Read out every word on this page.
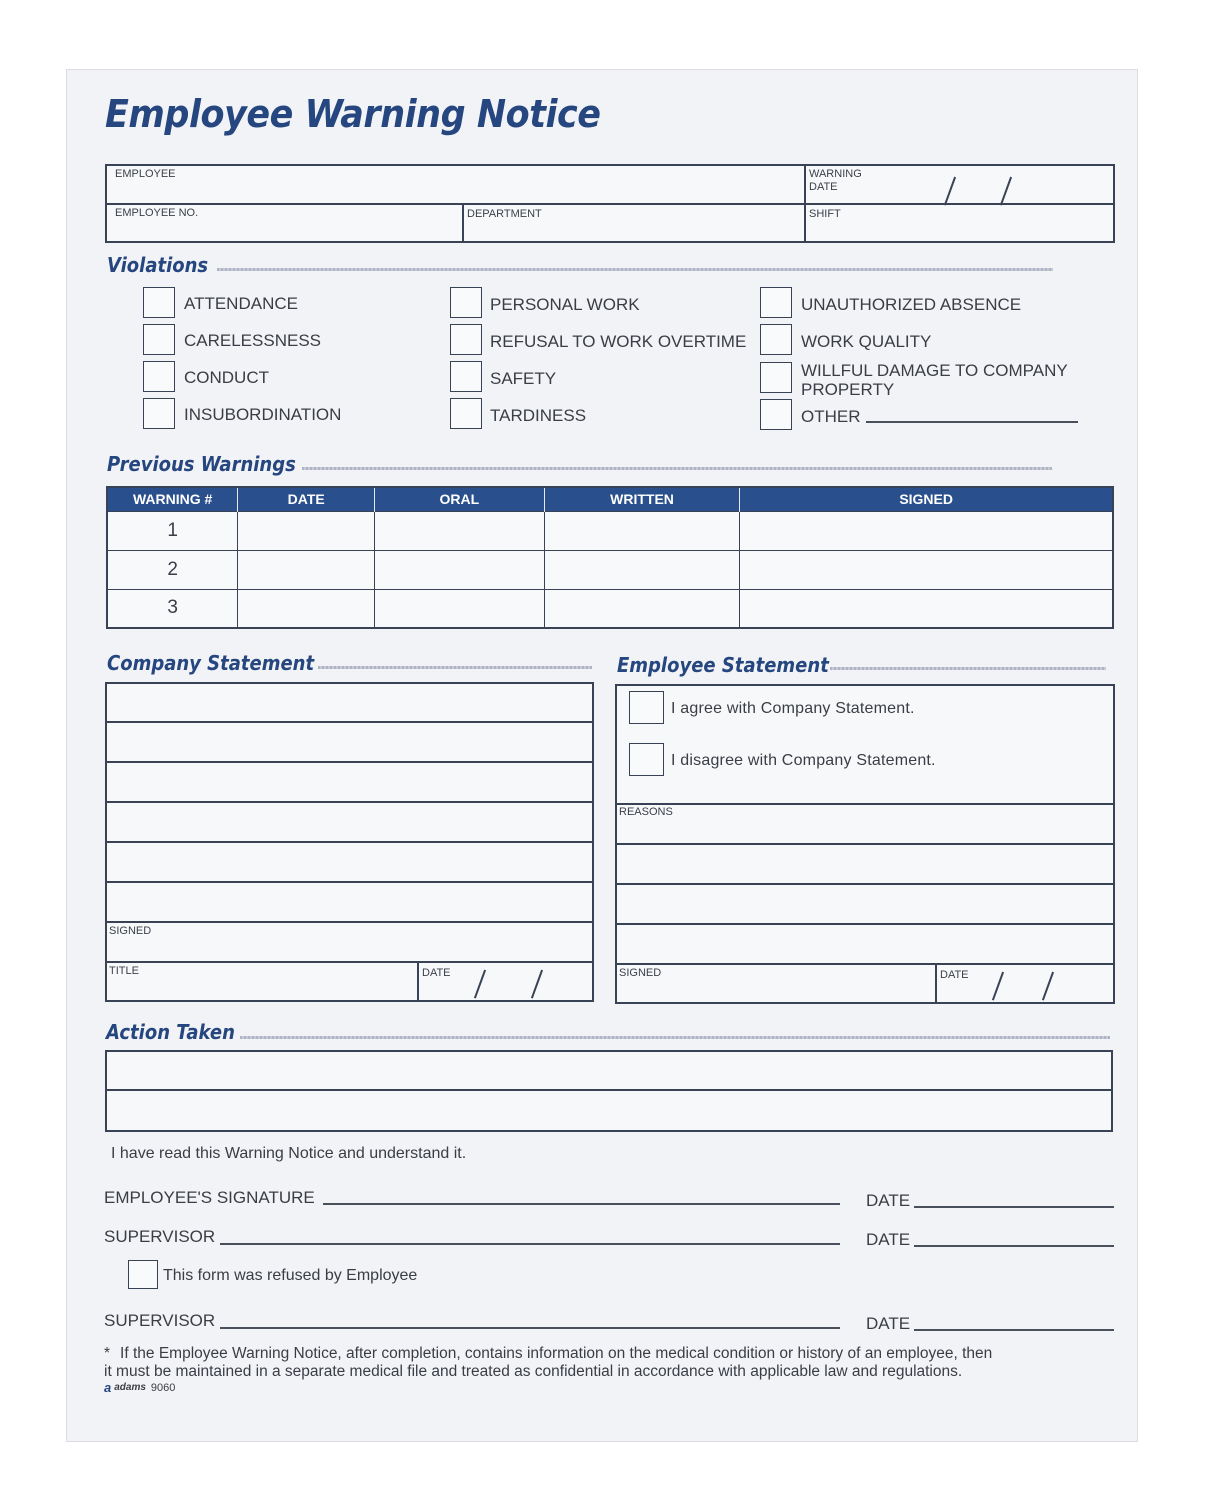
Employee Warning Notice
EMPLOYEE	WARNING
DATE
EMPLOYEE NO.	DEPARTMENT	SHIFT
Violations
ATTENDANCE
CARELESSNESS
CONDUCT
INSUBORDINATION
PERSONAL WORK
REFUSAL TO WORK OVERTIME
SAFETY
TARDINESS
UNAUTHORIZED ABSENCE
WORK QUALITY
WILLFUL DAMAGE TO COMPANY
PROPERTY
OTHER
Previous Warnings
WARNING #	DATE	ORAL	WRITTEN	SIGNED
1				
2				
3				
Company Statement
SIGNED
TITLE	DATE
Employee Statement
I agree with Company Statement.
I disagree with Company Statement.
REASONS
SIGNED	DATE
Action Taken
I have read this Warning Notice and understand it.
EMPLOYEE'S SIGNATURE	DATE
SUPERVISOR	DATE
This form was refused by Employee
SUPERVISOR	DATE
* If the Employee Warning Notice, after completion, contains information on the medical condition or history of an employee, then
it must be maintained in a separate medical file and treated as confidential in accordance with applicable law and regulations.
a adams 9060
